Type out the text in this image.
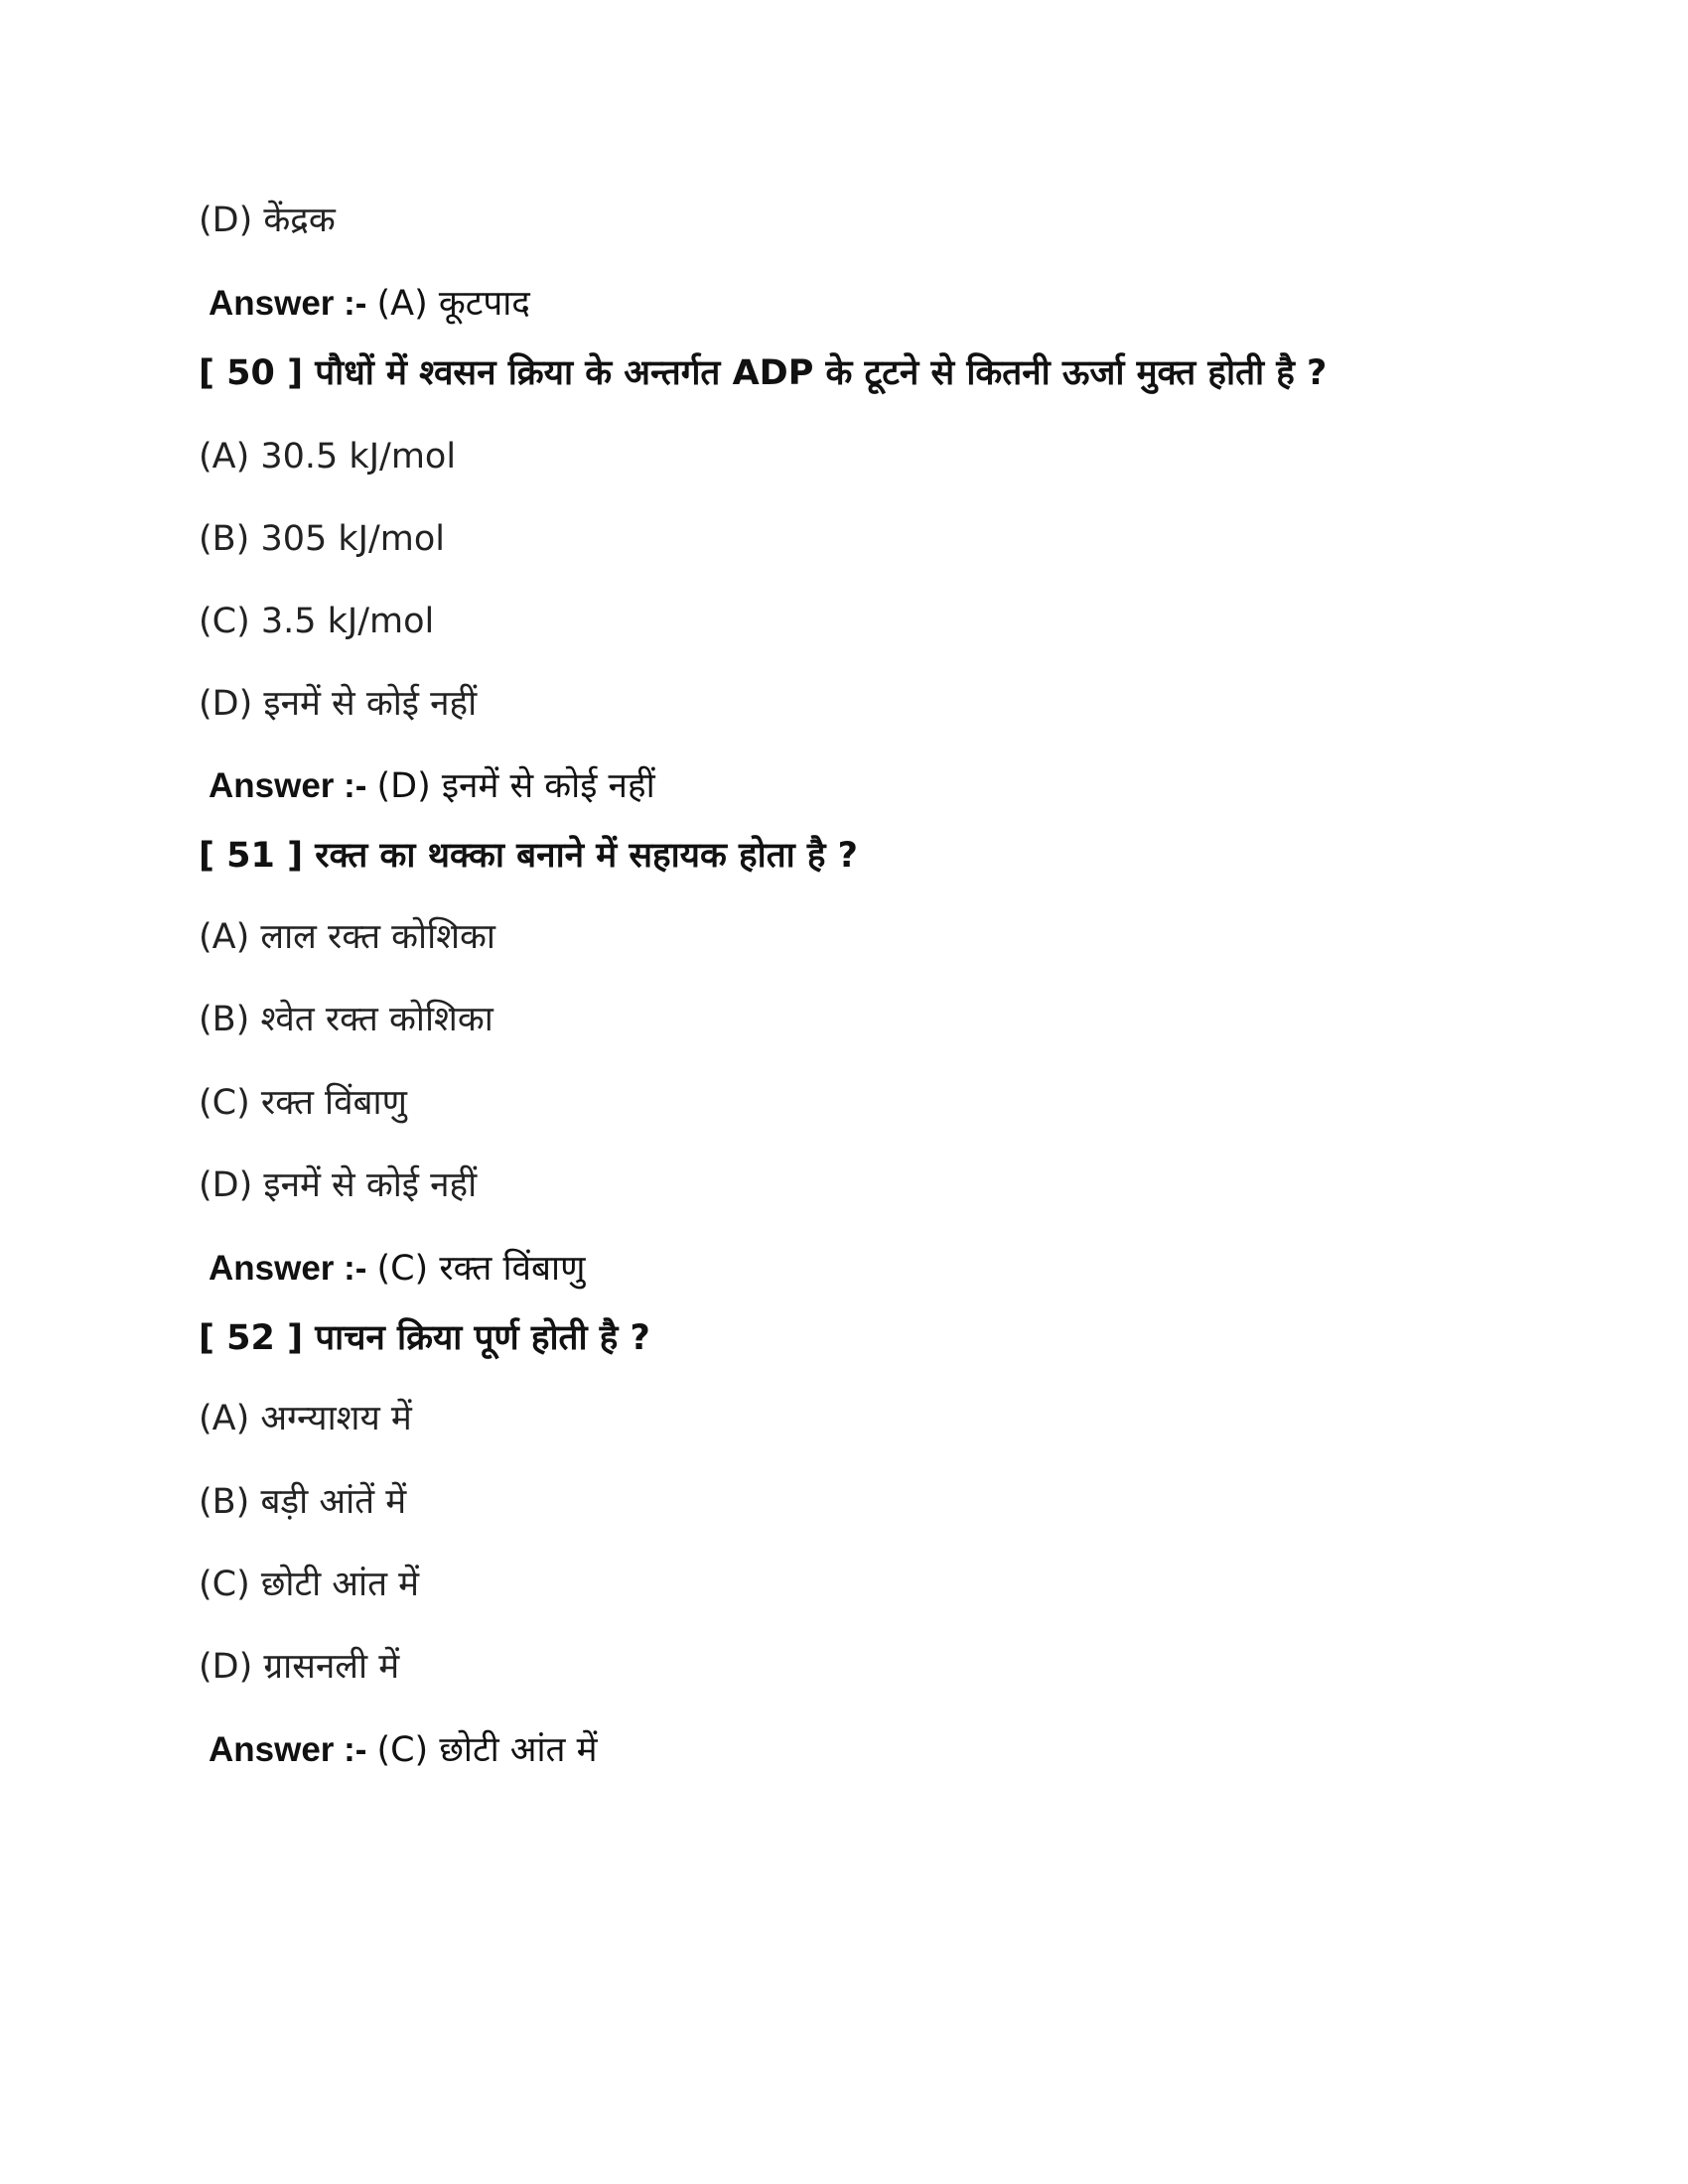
(D) केंद्रक
Answer :- (A) कूटपाद
[ 50 ] पौधों में श्वसन क्रिया के अन्तर्गत ADP के टूटने से कितनी ऊर्जा मुक्त होती है ?
(A) 30.5 kJ/mol
(B) 305 kJ/mol
(C) 3.5 kJ/mol
(D) इनमें से कोई नहीं
Answer :- (D) इनमें से कोई नहीं
[ 51 ] रक्त का थक्का बनाने में सहायक होता है ?
(A) लाल रक्त कोशिका
(B) श्वेत रक्त कोशिका
(C) रक्त विंबाणु
(D) इनमें से कोई नहीं
Answer :- (C) रक्त विंबाणु
[ 52 ] पाचन क्रिया पूर्ण होती है ?
(A) अग्न्याशय में
(B) बड़ी आंतें में
(C) छोटी आंत में
(D) ग्रासनली में
Answer :- (C) छोटी आंत में
